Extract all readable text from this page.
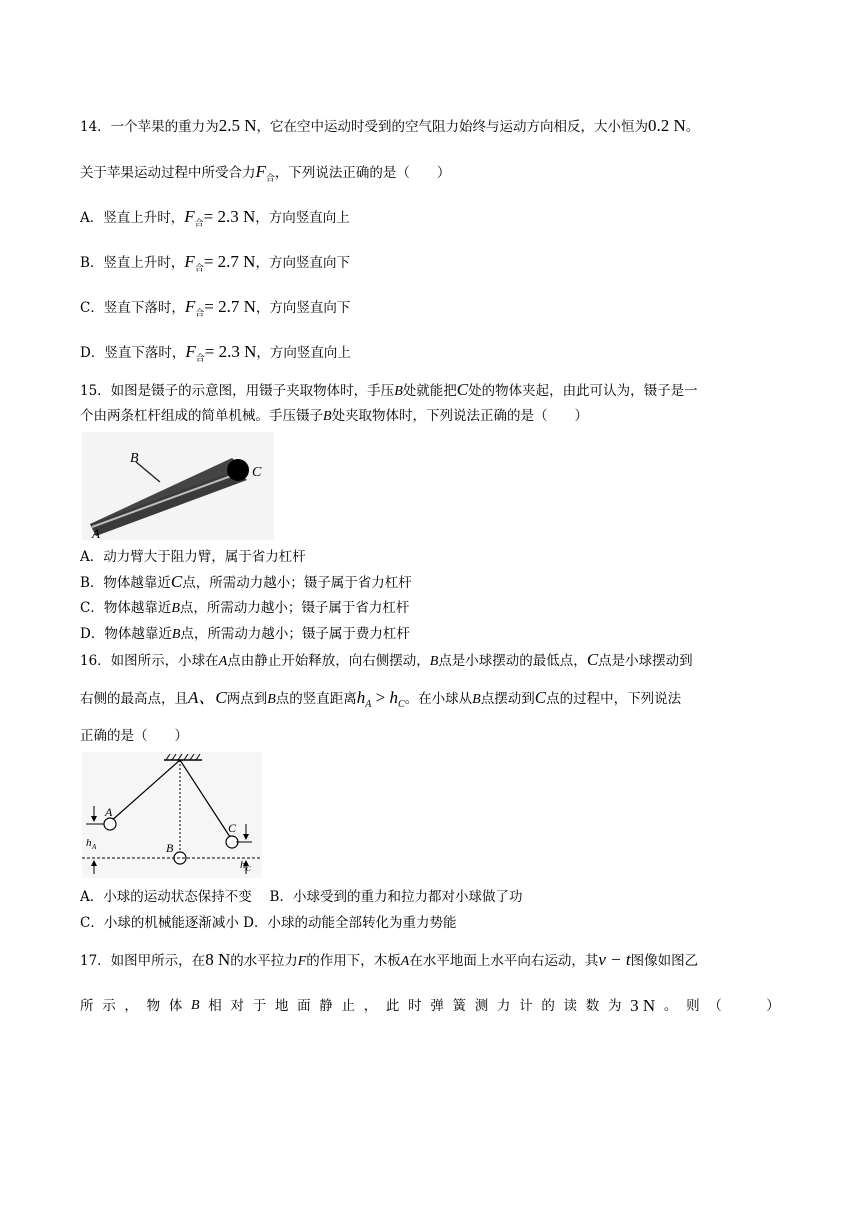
14．一个苹果的重力为2.5 N，它在空中运动时受到的空气阻力始终与运动方向相反，大小恒为0.2 N。
关于苹果运动过程中所受合力$F_合$，下列说法正确的是（　　）
A．竖直上升时，$F_合= 2.3$ N，方向竖直向上
B．竖直上升时，$F_合= 2.7$ N，方向竖直向下
C．竖直下落时，$F_合= 2.7$ N，方向竖直向下
D．竖直下落时，$F_合= 2.3$ N，方向竖直向上
15．如图是镊子的示意图，用镊子夹取物体时，手压B处就能把C处的物体夹起，由此可认为，镊子是一
个由两条杠杆组成的简单机械。手压镊子B处夹取物体时，下列说法正确的是（　　）
B
C
A
A．动力臂大于阻力臂，属于省力杠杆
B．物体越靠近C点，所需动力越小；镊子属于省力杠杆
C．物体越靠近B点，所需动力越小；镊子属于省力杠杆
D．物体越靠近B点，所需动力越小；镊子属于费力杠杆
16．如图所示，小球在A点由静止开始释放，向右侧摆动，B点是小球摆动的最低点，C点是小球摆动到
右侧的最高点，且A、C两点到B点的竖直距离$h_A > h_C$。在小球从B点摆动到C点的过程中，下列说法
正确的是（　　）
A
B
C
h A
h C
A．小球的运动状态保持不变　 B．小球受到的重力和拉力都对小球做了功
C．小球的机械能逐渐减小 D．小球的动能全部转化为重力势能
17．如图甲所示，在8 N的水平拉力F的作用下，木板A在水平地面上水平向右运动，其v − t图像如图乙
所 示 ， 物 体 B 相 对 于 地 面 静 止 ， 此 时 弹 簧 测 力 计 的 读 数 为 3 N 。 则 （
　　	）
